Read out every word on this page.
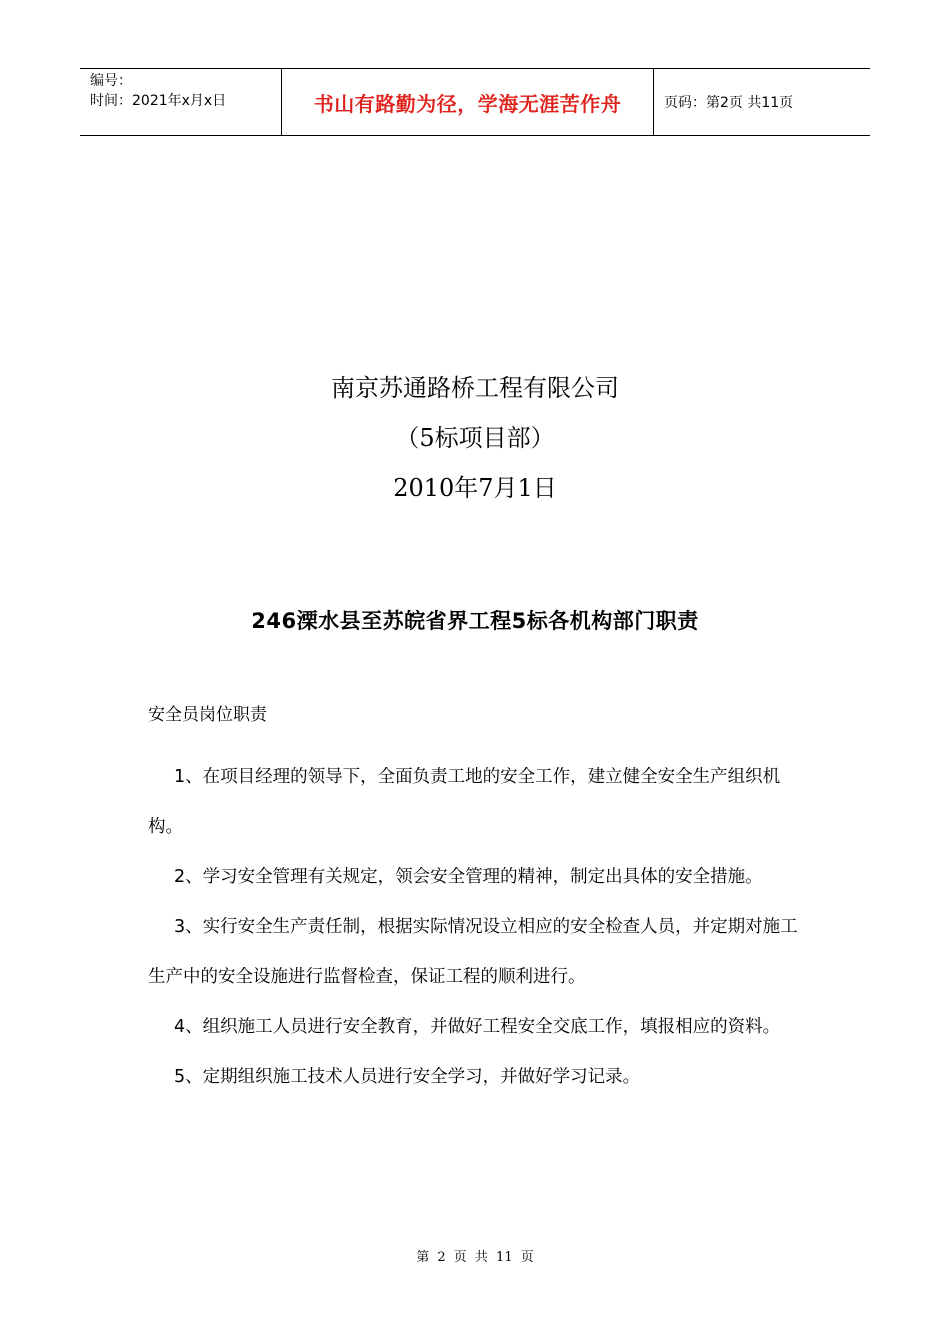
编号：
时间：2021年x月x日	书山有路勤为径，学海无涯苦作舟	页码：第2页 共11页
南京苏通路桥工程有限公司
（5标项目部）
2010年7月1日
246溧水县至苏皖省界工程5标各机构部门职责
安全员岗位职责

1、在项目经理的领导下，全面负责工地的安全工作，建立健全安全生产组织机构。

2、学习安全管理有关规定，领会安全管理的精神，制定出具体的安全措施。

3、实行安全生产责任制，根据实际情况设立相应的安全检查人员，并定期对施工生产中的安全设施进行监督检查，保证工程的顺利进行。

4、组织施工人员进行安全教育，并做好工程安全交底工作，填报相应的资料。

5、定期组织施工技术人员进行安全学习，并做好学习记录。

第 2 页 共 11 页
